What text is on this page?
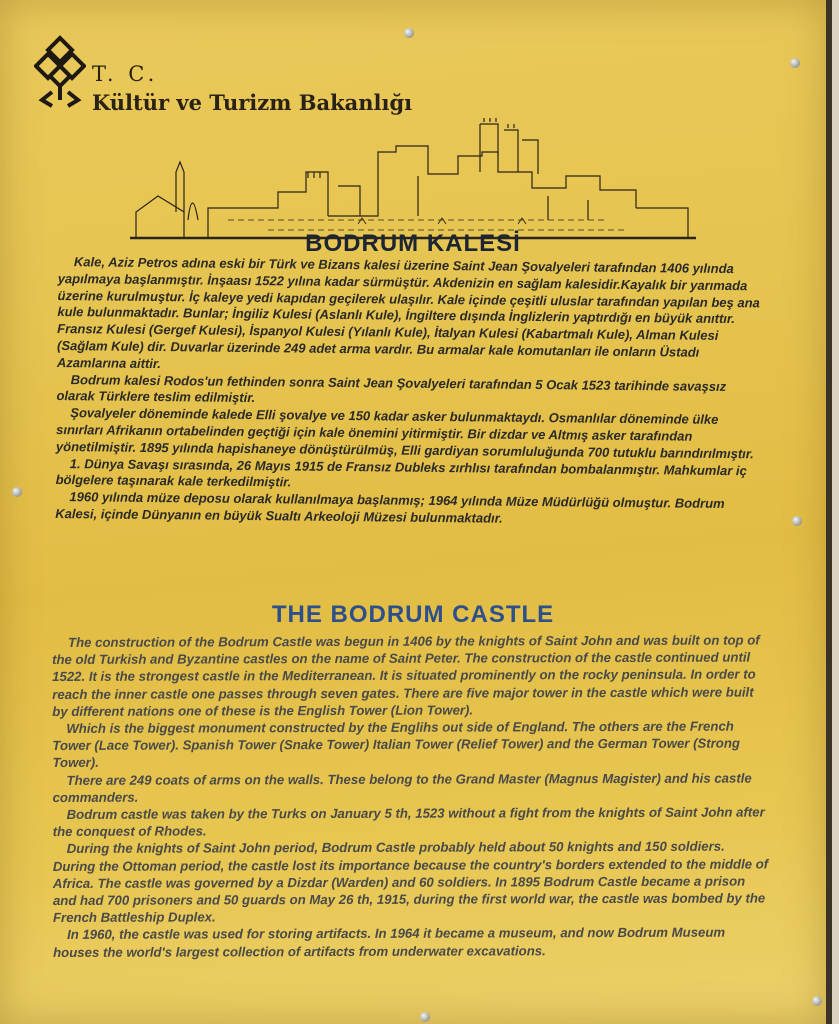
T. C.
Kültür ve Turizm Bakanlığı
BODRUM KALESİ

Kale, Aziz Petros adına eski bir Türk ve Bizans kalesi üzerine Saint Jean Şovalyeleri tarafından 1406 yılında yapılmaya başlanmıştır. İnşaası 1522 yılına kadar sürmüştür. Akdenizin en sağlam kalesidir.Kayalık bir yarımada üzerine kurulmuştur. İç kaleye yedi kapıdan geçilerek ulaşılır. Kale içinde çeşitli uluslar tarafından yapılan beş ana kule bulunmaktadır. Bunlar; İngiliz Kulesi (Aslanlı Kule), İngiltere dışında İnglizlerin yaptırdığı en büyük anıttır. Fransız Kulesi (Gergef Kulesi), İspanyol Kulesi (Yılanlı Kule), İtalyan Kulesi (Kabartmalı Kule), Alman Kulesi (Sağlam Kule) dir. Duvarlar üzerinde 249 adet arma vardır. Bu armalar kale komutanları ile onların Üstadı Azamlarına aittir.

Bodrum kalesi Rodos'un fethinden sonra Saint Jean Şovalyeleri tarafından 5 Ocak 1523 tarihinde savaşsız olarak Türklere teslim edilmiştir.

Şovalyeler döneminde kalede Elli şovalye ve 150 kadar asker bulunmaktaydı. Osmanlılar döneminde ülke sınırları Afrikanın ortabelinden geçtiği için kale önemini yitirmiştir. Bir dizdar ve Altmış asker tarafından yönetilmiştir. 1895 yılında hapishaneye dönüştürülmüş, Elli gardiyan sorumluluğunda 700 tutuklu barındırılmıştır.

1. Dünya Savaşı sırasında, 26 Mayıs 1915 de Fransız Dubleks zırhlısı tarafından bombalanmıştır. Mahkumlar iç bölgelere taşınarak kale terkedilmiştir.

1960 yılında müze deposu olarak kullanılmaya başlanmış; 1964 yılında Müze Müdürlüğü olmuştur. Bodrum Kalesi, içinde Dünyanın en büyük Sualtı Arkeoloji Müzesi bulunmaktadır.

THE BODRUM CASTLE

The construction of the Bodrum Castle was begun in 1406 by the knights of Saint John and was built on top of the old Turkish and Byzantine castles on the name of Saint Peter. The construction of the castle continued until 1522. It is the strongest castle in the Mediterranean. It is situated prominently on the rocky peninsula. In order to reach the inner castle one passes through seven gates. There are five major tower in the castle which were built by different nations one of these is the English Tower (Lion Tower).

Which is the biggest monument constructed by the Englihs out side of England. The others are the French Tower (Lace Tower). Spanish Tower (Snake Tower) Italian Tower (Relief Tower) and the German Tower (Strong Tower).

There are 249 coats of arms on the walls. These belong to the Grand Master (Magnus Magister) and his castle commanders.

Bodrum castle was taken by the Turks on January 5 th, 1523 without a fight from the knights of Saint John after the conquest of Rhodes.

During the knights of Saint John period, Bodrum Castle probably held about 50 knights and 150 soldiers. During the Ottoman period, the castle lost its importance because the country's borders extended to the middle of Africa. The castle was governed by a Dizdar (Warden) and 60 soldiers. In 1895 Bodrum Castle became a prison and had 700 prisoners and 50 guards on May 26 th, 1915, during the first world war, the castle was bombed by the French Battleship Duplex.

In 1960, the castle was used for storing artifacts. In 1964 it became a museum, and now Bodrum Museum houses the world's largest collection of artifacts from underwater excavations.
